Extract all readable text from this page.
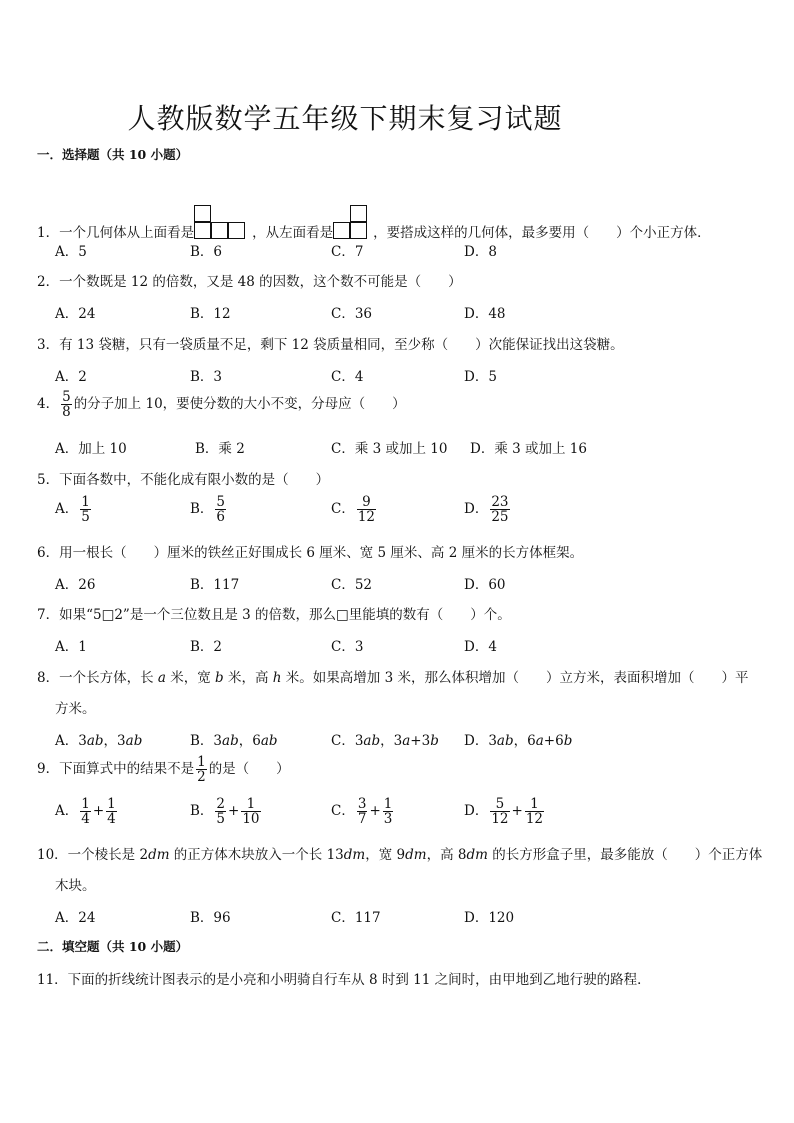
人教版数学五年级下期末复习试题
一．选择题（共 10 小题）
1．一个几何体从上面看是	，从左面看是	，要搭成这样的几何体，最多要用（　　）个小正方体．
A．5	B．6	C．7	D．8
2．一个数既是 12 的倍数，又是 48 的因数，这个数不可能是（　　）
A．24	B．12	C．36	D．48
3．有 13 袋糖，只有一袋质量不足，剩下 12 袋质量相同，至少称（　　）次能保证找出这袋糖。
A．2	B．3	C．4	D．5
4． $\frac{5}{8}$ 的分子加上 10，要使分数的大小不变，分母应（　　）
A．加上 10	B．乘 2	C．乘 3 或加上 10 D．乘 3 或加上 16
5．下面各数中，不能化成有限小数的是（　　）
A． $\frac{1}{5}$	B． $\frac{5}{6}$	C． $\frac{9}{12}$	D． $\frac{23}{25}$
6．用一根长（　　）厘米的铁丝正好围成长 6 厘米、宽 5 厘米、高 2 厘米的长方体框架。
A．26	B．117	C．52	D．60
7．如果“5□2”是一个三位数且是 3 的倍数，那么□里能填的数有（　　）个。
A．1	B．2	C．3	D．4
8．一个长方体，长 a 米，宽 b 米，高 h 米。如果高增加 3 米，那么体积增加（　　）立方米，表面积增加（　　）平
方米。
A．3ab，3ab	B．3ab，6ab	C．3ab，3a+3b D．3ab，6a+6b
9．下面算式中的结果不是 $\frac{1}{2}$ 的是（　　）
A． $\frac{1}{4} + \frac{1}{4}$	B． $\frac{2}{5} + \frac{1}{10}$	C． $\frac{3}{7} + \frac{1}{3}$	D． $\frac{5}{12} + \frac{1}{12}$
10．一个棱长是 2dm 的正方体木块放入一个长 13dm，宽 9dm，高 8dm 的长方形盒子里，最多能放（　　）个正方体
木块。
A．24	B．96	C．117	D．120
二．填空题（共 10 小题）
11．下面的折线统计图表示的是小亮和小明骑自行车从 8 时到 11 之间时，由甲地到乙地行驶的路程．
